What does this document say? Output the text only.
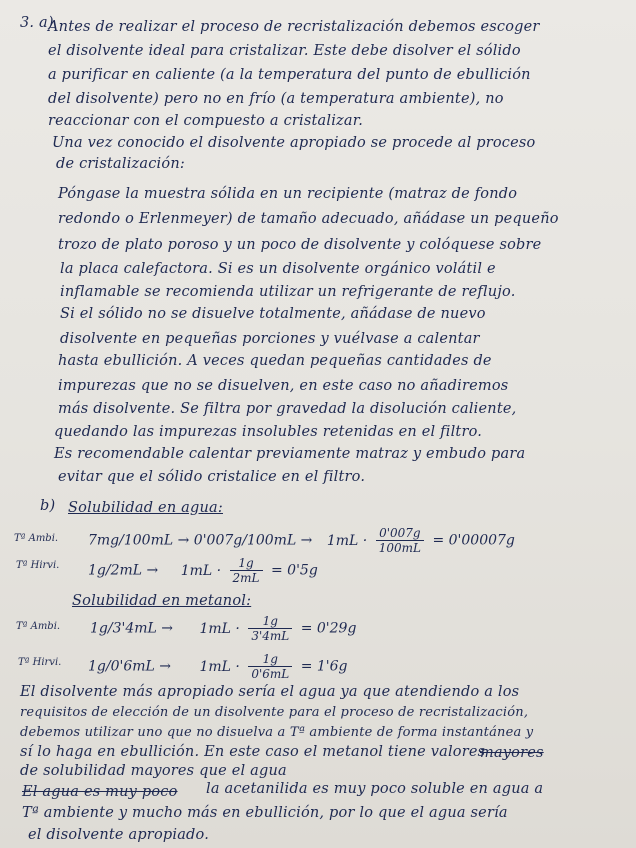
3. a)
Antes de realizar el proceso de recristalización debemos escoger
el disolvente ideal para cristalizar. Este debe disolver el sólido
a purificar en caliente (a la temperatura del punto de ebullición
del disolvente) pero no en frío (a temperatura ambiente), no
reaccionar con el compuesto a cristalizar.
Una vez conocido el disolvente apropiado se procede al proceso
de cristalización:
Póngase la muestra sólida en un recipiente (matraz de fondo
redondo o Erlenmeyer) de tamaño adecuado, añádase un pequeño
trozo de plato poroso y un poco de disolvente y colóquese sobre
la placa calefactora. Si es un disolvente orgánico volátil e
inflamable se recomienda utilizar un refrigerante de reflujo.
Si el sólido no se disuelve totalmente, añádase de nuevo
disolvente en pequeñas porciones y vuélvase a calentar
hasta ebullición. A veces quedan pequeñas cantidades de
impurezas que no se disuelven, en este caso no añadiremos
más disolvente. Se filtra por gravedad la disolución caliente,
quedando las impurezas insolubles retenidas en el filtro.
Es recomendable calentar previamente matraz y embudo para
evitar que el sólido cristalice en el filtro.
b) Solubilidad en agua:
Tª Ambi. $7mg/100mL \to 0'007g/100mL \to 1mL \cdot \frac{0'007g}{100mL} = 0'00007g$
Tª Hirvi. $1g/2mL \to 1mL \cdot \frac{1g}{2mL} = 0'5g$
Solubilidad en metanol:
Tª Ambi. $1g/3'4mL \to 1mL \cdot \frac{1g}{3'4mL} = 0'29g$
Tª Hirvi. $1g/0'6mL \to 1mL \cdot \frac{1g}{0'6mL} = 1'6g$
El disolvente más apropiado sería el agua ya que atendiendo a los
requisitos de elección de un disolvente para el proceso de recristalización,
debemos utilizar uno que no disuelva a Tª ambiente de forma instantánea y
sí lo haga en ebullición. En este caso el metanol tiene valores
de solubilidad mayores que el agua
mayores
El agua es muy poco la acetanilida es muy poco soluble en agua a
Tª ambiente y mucho más en ebullición, por lo que el agua sería
el disolvente apropiado.
